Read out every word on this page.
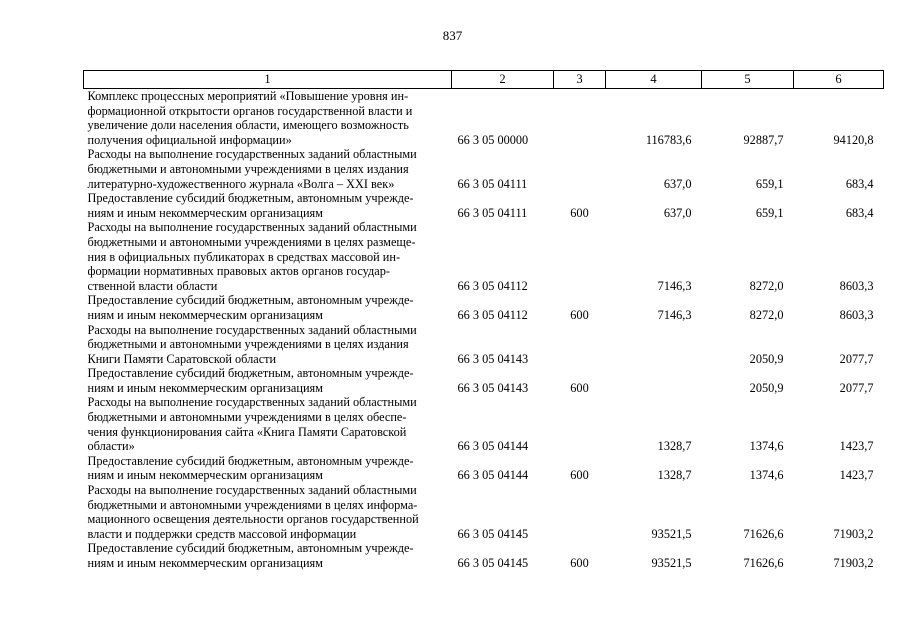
837
1	2	3	4	5	6

Комплекс процессных мероприятий «Повышение уровня ин-
формационной открытости органов государственной власти и
увеличение доли населения области, имеющего возможность
получения официальной информации»	66 3 05 00000		116783,6	92887,7	94120,8

Расходы на выполнение государственных заданий областными
бюджетными и автономными учреждениями в целях издания
литературно-художественного журнала «Волга – XXI век»	66 3 05 04111		637,0	659,1	683,4

Предоставление субсидий бюджетным, автономным учрежде-
ниям и иным некоммерческим организациям	66 3 05 04111	600	637,0	659,1	683,4

Расходы на выполнение государственных заданий областными
бюджетными и автономными учреждениями в целях размеще-
ния в официальных публикаторах в средствах массовой ин-
формации нормативных правовых актов органов государ-
ственной власти области	66 3 05 04112		7146,3	8272,0	8603,3

Предоставление субсидий бюджетным, автономным учрежде-
ниям и иным некоммерческим организациям	66 3 05 04112	600	7146,3	8272,0	8603,3

Расходы на выполнение государственных заданий областными
бюджетными и автономными учреждениями в целях издания
Книги Памяти Саратовской области	66 3 05 04143			2050,9	2077,7

Предоставление субсидий бюджетным, автономным учрежде-
ниям и иным некоммерческим организациям	66 3 05 04143	600		2050,9	2077,7

Расходы на выполнение государственных заданий областными
бюджетными и автономными учреждениями в целях обеспе-
чения функционирования сайта «Книга Памяти Саратовской
области»	66 3 05 04144		1328,7	1374,6	1423,7

Предоставление субсидий бюджетным, автономным учрежде-
ниям и иным некоммерческим организациям	66 3 05 04144	600	1328,7	1374,6	1423,7

Расходы на выполнение государственных заданий областными
бюджетными и автономными учреждениями в целях информа-
мационного освещения деятельности органов государственной
власти и поддержки средств массовой информации	66 3 05 04145		93521,5	71626,6	71903,2

Предоставление субсидий бюджетным, автономным учрежде-
ниям и иным некоммерческим организациям	66 3 05 04145	600	93521,5	71626,6	71903,2
